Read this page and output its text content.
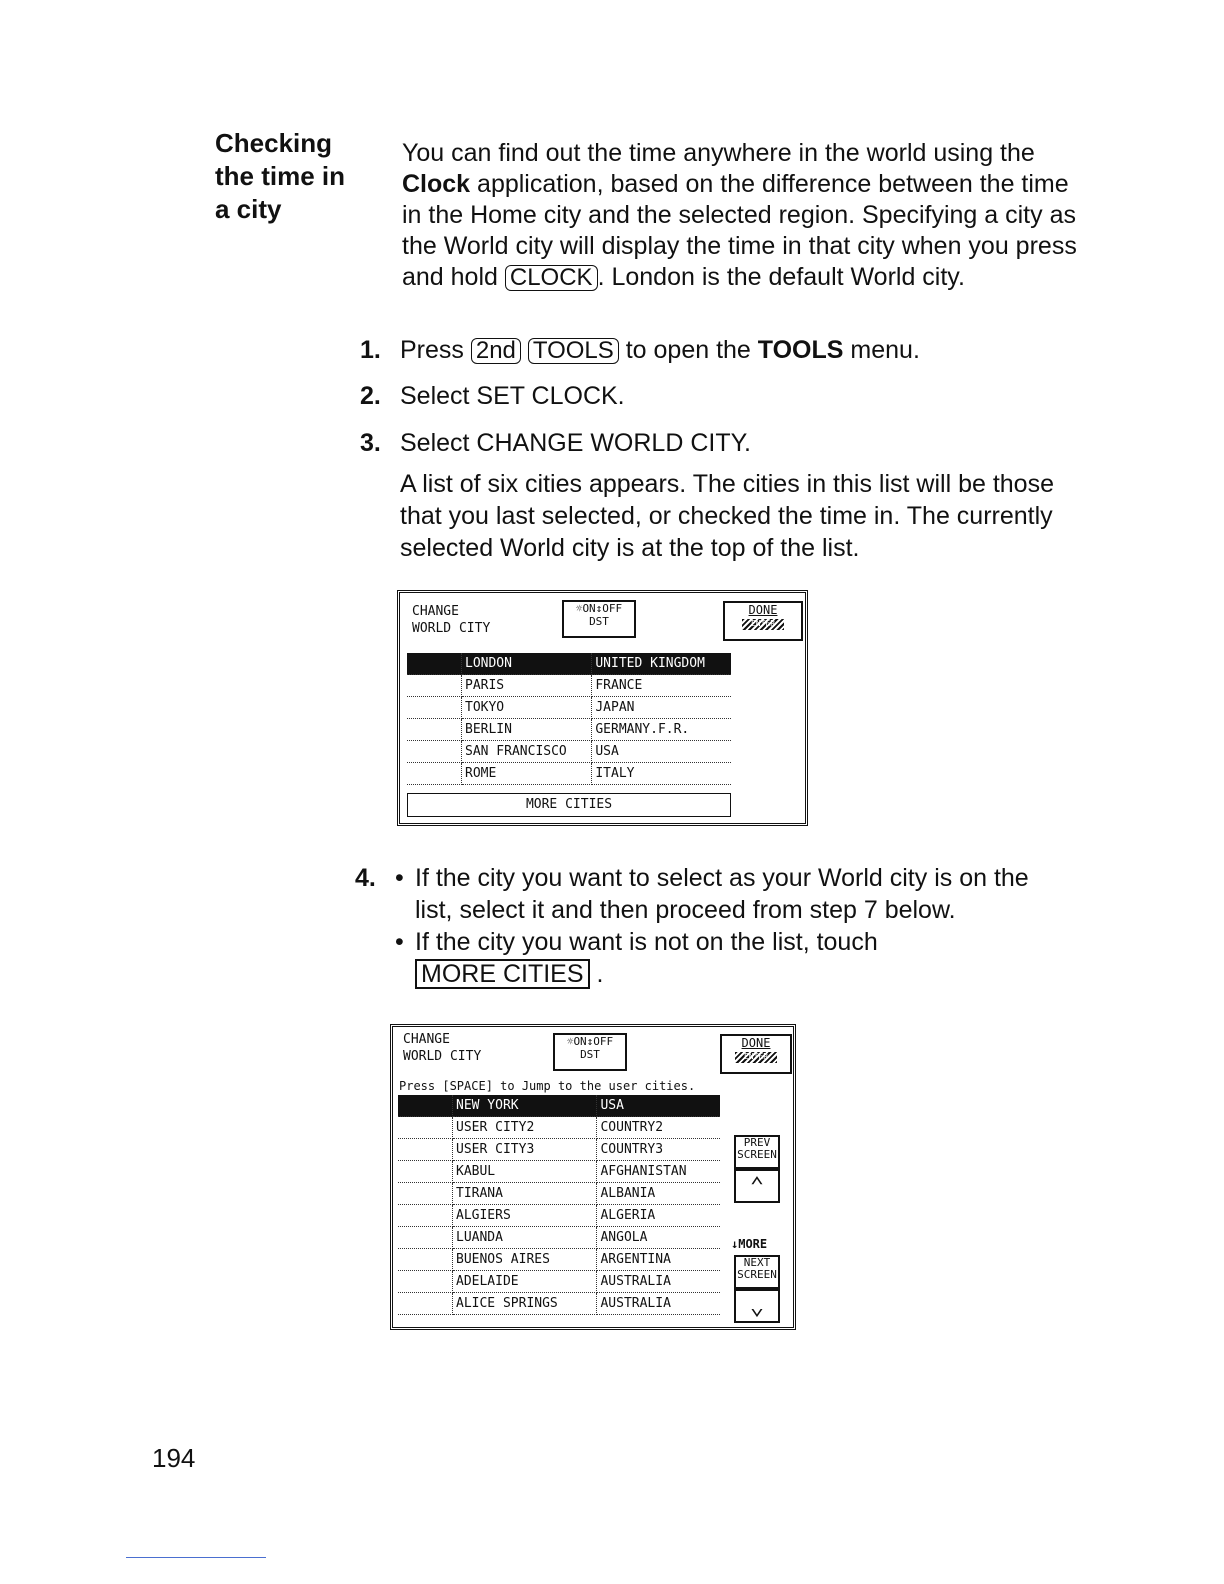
Checking
the time in
a city
You can find out the time anywhere in the world using the Clock application, based on the difference between the time in the Home city and the selected region. Specifying a city as the World city will display the time in that city when you press and hold CLOCK . London is the default World city.
1. Press 2nd TOOLS to open the TOOLS menu.
2. Select SET CLOCK.
3. Select CHANGE WORLD CITY.
A list of six cities appears. The cities in this list will be those that you last selected, or checked the time in. The currently selected World city is at the top of the list.
CHANGE
WORLD CITY
☼ON↕OFF
DST
DONE
ENTER
	LONDON	UNITED KINGDOM
	PARIS	FRANCE
	TOKYO	JAPAN
	BERLIN	GERMANY.F.R.
	SAN FRANCISCO	USA
	ROME	ITALY
MORE CITIES
4. • If the city you want to select as your World city is on the list, select it and then proceed from step 7 below.
• If the city you want is not on the list, touch
MORE CITIES .
CHANGE
WORLD CITY
☼ON↕OFF
DST
DONE
ENTER
Press [SPACE] to Jump to the user cities.
	NEW YORK	USA
	USER CITY2	COUNTRY2
	USER CITY3	COUNTRY3
	KABUL	AFGHANISTAN
	TIRANA	ALBANIA
	ALGIERS	ALGERIA
	LUANDA	ANGOLA
	BUENOS AIRES	ARGENTINA
	ADELAIDE	AUSTRALIA
	ALICE SPRINGS	AUSTRALIA
PREV SCREEN
⌃
↓MORE
NEXT SCREEN
⌄
194
